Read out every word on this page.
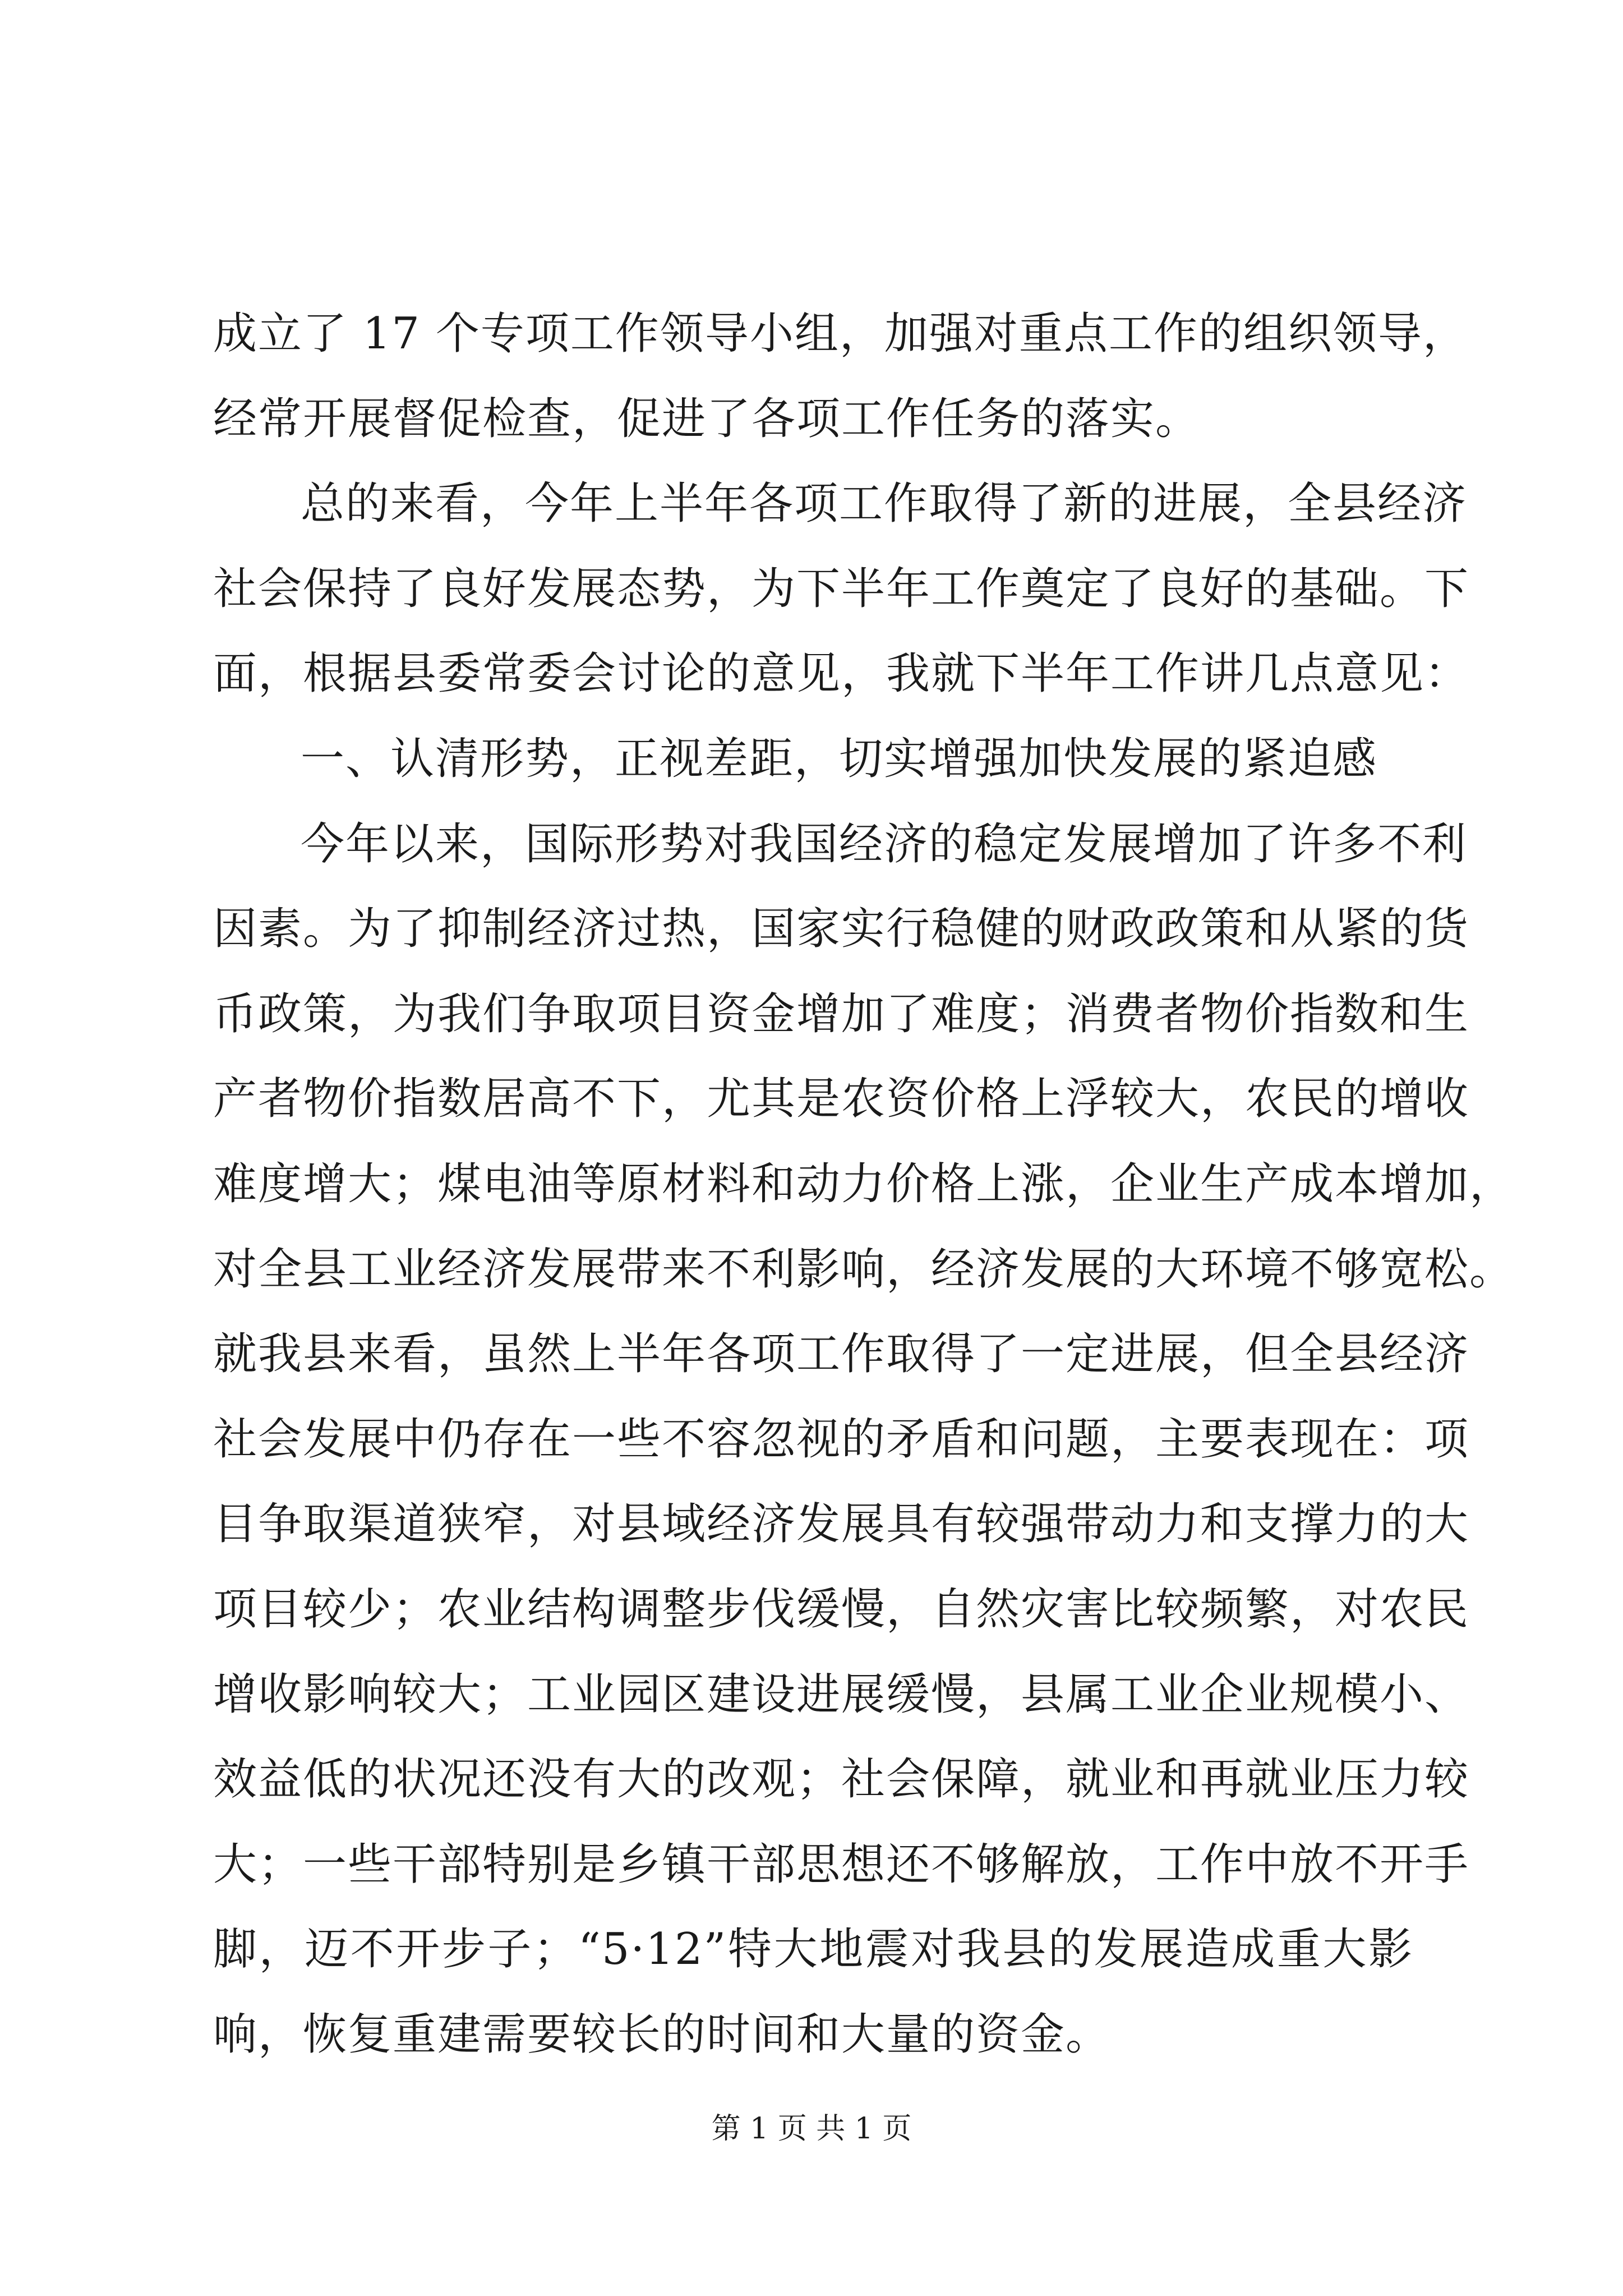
成立了 17 个专项工作领导小组，加强对重点工作的组织领导，
经常开展督促检查，促进了各项工作任务的落实。
总的来看，今年上半年各项工作取得了新的进展，全县经济
社会保持了良好发展态势，为下半年工作奠定了良好的基础。下
面，根据县委常委会讨论的意见，我就下半年工作讲几点意见：
一、认清形势，正视差距，切实增强加快发展的紧迫感
今年以来，国际形势对我国经济的稳定发展增加了许多不利
因素。为了抑制经济过热，国家实行稳健的财政政策和从紧的货
币政策，为我们争取项目资金增加了难度；消费者物价指数和生
产者物价指数居高不下，尤其是农资价格上浮较大，农民的增收
难度增大；煤电油等原材料和动力价格上涨，企业生产成本增加，
对全县工业经济发展带来不利影响，经济发展的大环境不够宽松。
就我县来看，虽然上半年各项工作取得了一定进展，但全县经济
社会发展中仍存在一些不容忽视的矛盾和问题，主要表现在：项
目争取渠道狭窄，对县域经济发展具有较强带动力和支撑力的大
项目较少；农业结构调整步伐缓慢，自然灾害比较频繁，对农民
增收影响较大；工业园区建设进展缓慢，县属工业企业规模小、
效益低的状况还没有大的改观；社会保障，就业和再就业压力较
大；一些干部特别是乡镇干部思想还不够解放，工作中放不开手
脚，迈不开步子；“5·12”特大地震对我县的发展造成重大影
响，恢复重建需要较长的时间和大量的资金。
第 1 页 共 1 页
